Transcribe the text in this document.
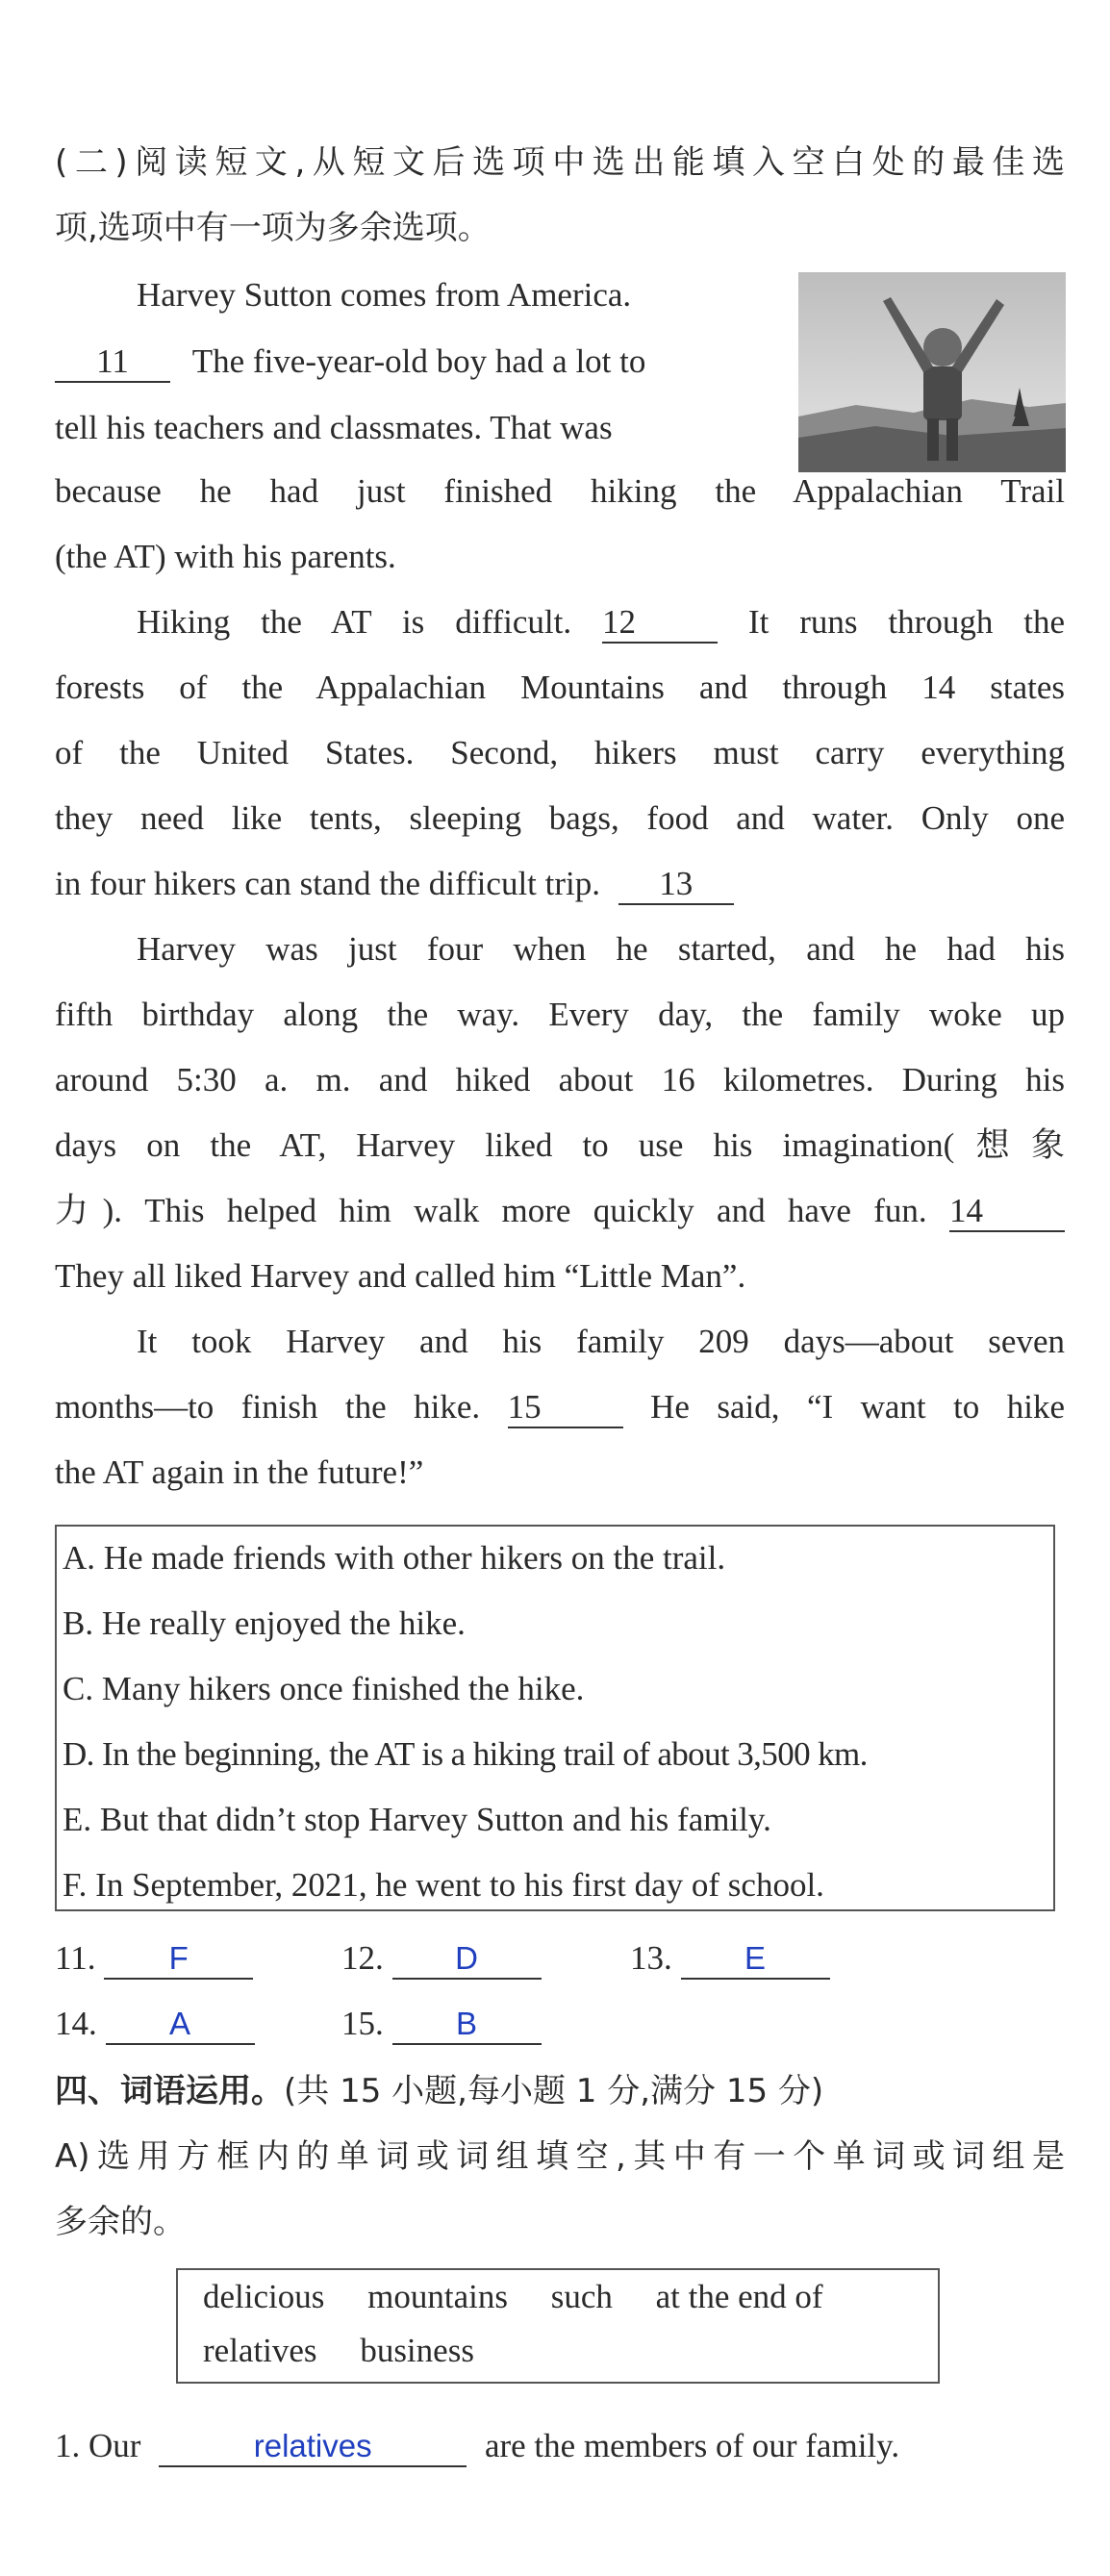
(二)阅读短文,从短文后选项中选出能填入空白处的最佳选
项,选项中有一项为多余选项。
Harvey Sutton comes from America.
11 The five-year-old boy had a lot to
tell his teachers and classmates. That was
because he had just finished hiking the Appalachian Trail
(the AT) with his parents.
Hiking the AT is difficult. 12	It runs through the
forests of the Appalachian Mountains and through 14 states
of the United States. Second, hikers must carry everything
they need like tents, sleeping bags, food and water. Only one
in four hikers can stand the difficult trip. 13
Harvey was just four when he started, and he had his
fifth birthday along the way. Every day, the family woke up
around 5:30 a. m. and hiked about 16 kilometres. During his
days on the AT, Harvey liked to use his imagination(想象
力). This helped him walk more quickly and have fun. 14
They all liked Harvey and called him “Little Man”.
It took Harvey and his family 209 days—about seven
months—to finish the hike. 15	He said, “I want to hike
the AT again in the future!”
A. He made friends with other hikers on the trail.
B. He really enjoyed the hike.
C. Many hikers once finished the hike.
D. In the beginning, the AT is a hiking trail of about 3,500 km.
E. But that didn’t stop Harvey Sutton and his family.
F. In September, 2021, he went to his first day of school.
11. F	12. D	13. E
14. A	15. B
四、词语运用。(共 15 小题,每小题 1 分,满分 15 分)
A)选用方框内的单词或词组填空,其中有一个单词或词组是
多余的。
delicious mountains such at the end of
relatives business
1. Our	relatives	are the members of our family.
